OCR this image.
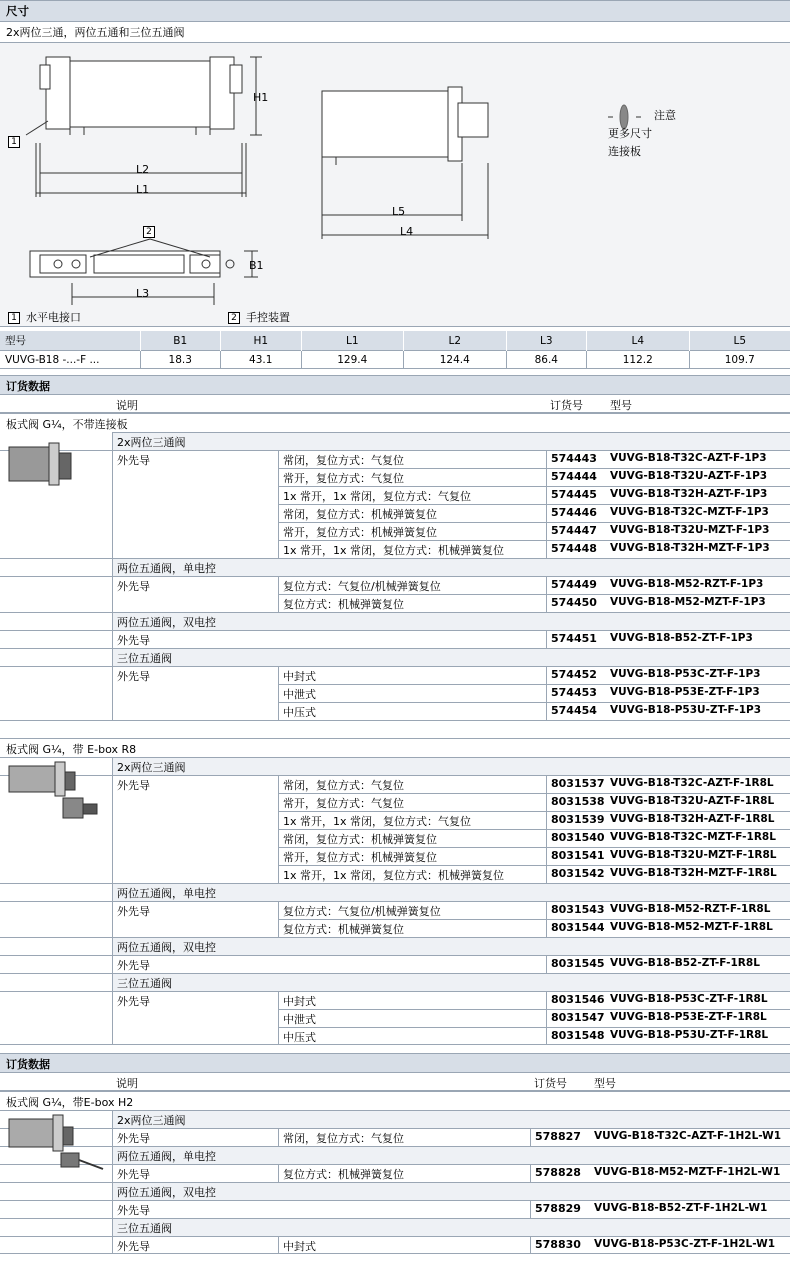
尺寸
2x两位三通，两位五通和三位五通阀
1
H1
L2
L1
L5
L4
2
L3
B1
注意
更多尺寸
连接板
1 水平电接口	2 手控装置
型号	B1	H1	L1	L2	L3	L4	L5
VUVG-B18 -...-F ...	18.3	43.1	129.4	124.4	86.4	112.2	109.7
订货数据
说明	订货号	型号
板式阀 G¼，不带连接板
2x两位三通阀
外先导	常闭，复位方式：气复位	574443	VUVG-B18-T32C-AZT-F-1P3
常开，复位方式：气复位	574444	VUVG-B18-T32U-AZT-F-1P3
1x 常开，1x 常闭，复位方式：气复位	574445	VUVG-B18-T32H-AZT-F-1P3
常闭，复位方式：机械弹簧复位	574446	VUVG-B18-T32C-MZT-F-1P3
常开，复位方式：机械弹簧复位	574447	VUVG-B18-T32U-MZT-F-1P3
1x 常开，1x 常闭，复位方式：机械弹簧复位	574448	VUVG-B18-T32H-MZT-F-1P3
两位五通阀，单电控
外先导	复位方式：气复位/机械弹簧复位	574449	VUVG-B18-M52-RZT-F-1P3
复位方式：机械弹簧复位	574450	VUVG-B18-M52-MZT-F-1P3
两位五通阀，双电控
外先导	574451	VUVG-B18-B52-ZT-F-1P3
三位五通阀
外先导	中封式	574452	VUVG-B18-P53C-ZT-F-1P3
中泄式	574453	VUVG-B18-P53E-ZT-F-1P3
中压式	574454	VUVG-B18-P53U-ZT-F-1P3
板式阀 G¼，带 E-box R8
2x两位三通阀
外先导	常闭，复位方式：气复位	8031537 VUVG-B18-T32C-AZT-F-1R8L
常开，复位方式：气复位	8031538 VUVG-B18-T32U-AZT-F-1R8L
1x 常开，1x 常闭，复位方式：气复位	8031539 VUVG-B18-T32H-AZT-F-1R8L
常闭，复位方式：机械弹簧复位	8031540 VUVG-B18-T32C-MZT-F-1R8L
常开，复位方式：机械弹簧复位	8031541 VUVG-B18-T32U-MZT-F-1R8L
1x 常开，1x 常闭，复位方式：机械弹簧复位	8031542 VUVG-B18-T32H-MZT-F-1R8L
两位五通阀，单电控
外先导	复位方式：气复位/机械弹簧复位	8031543 VUVG-B18-M52-RZT-F-1R8L
复位方式：机械弹簧复位	8031544 VUVG-B18-M52-MZT-F-1R8L
两位五通阀，双电控
外先导	8031545 VUVG-B18-B52-ZT-F-1R8L
三位五通阀
外先导	中封式	8031546 VUVG-B18-P53C-ZT-F-1R8L
中泄式	8031547 VUVG-B18-P53E-ZT-F-1R8L
中压式	8031548 VUVG-B18-P53U-ZT-F-1R8L
订货数据
说明	订货号	型号
板式阀 G¼，带E-box H2
2x两位三通阀
外先导	常闭，复位方式：气复位	578827	VUVG-B18-T32C-AZT-F-1H2L-W1
两位五通阀，单电控
外先导	复位方式：机械弹簧复位	578828	VUVG-B18-M52-MZT-F-1H2L-W1
两位五通阀，双电控
外先导	578829	VUVG-B18-B52-ZT-F-1H2L-W1
三位五通阀
外先导	中封式	578830	VUVG-B18-P53C-ZT-F-1H2L-W1
